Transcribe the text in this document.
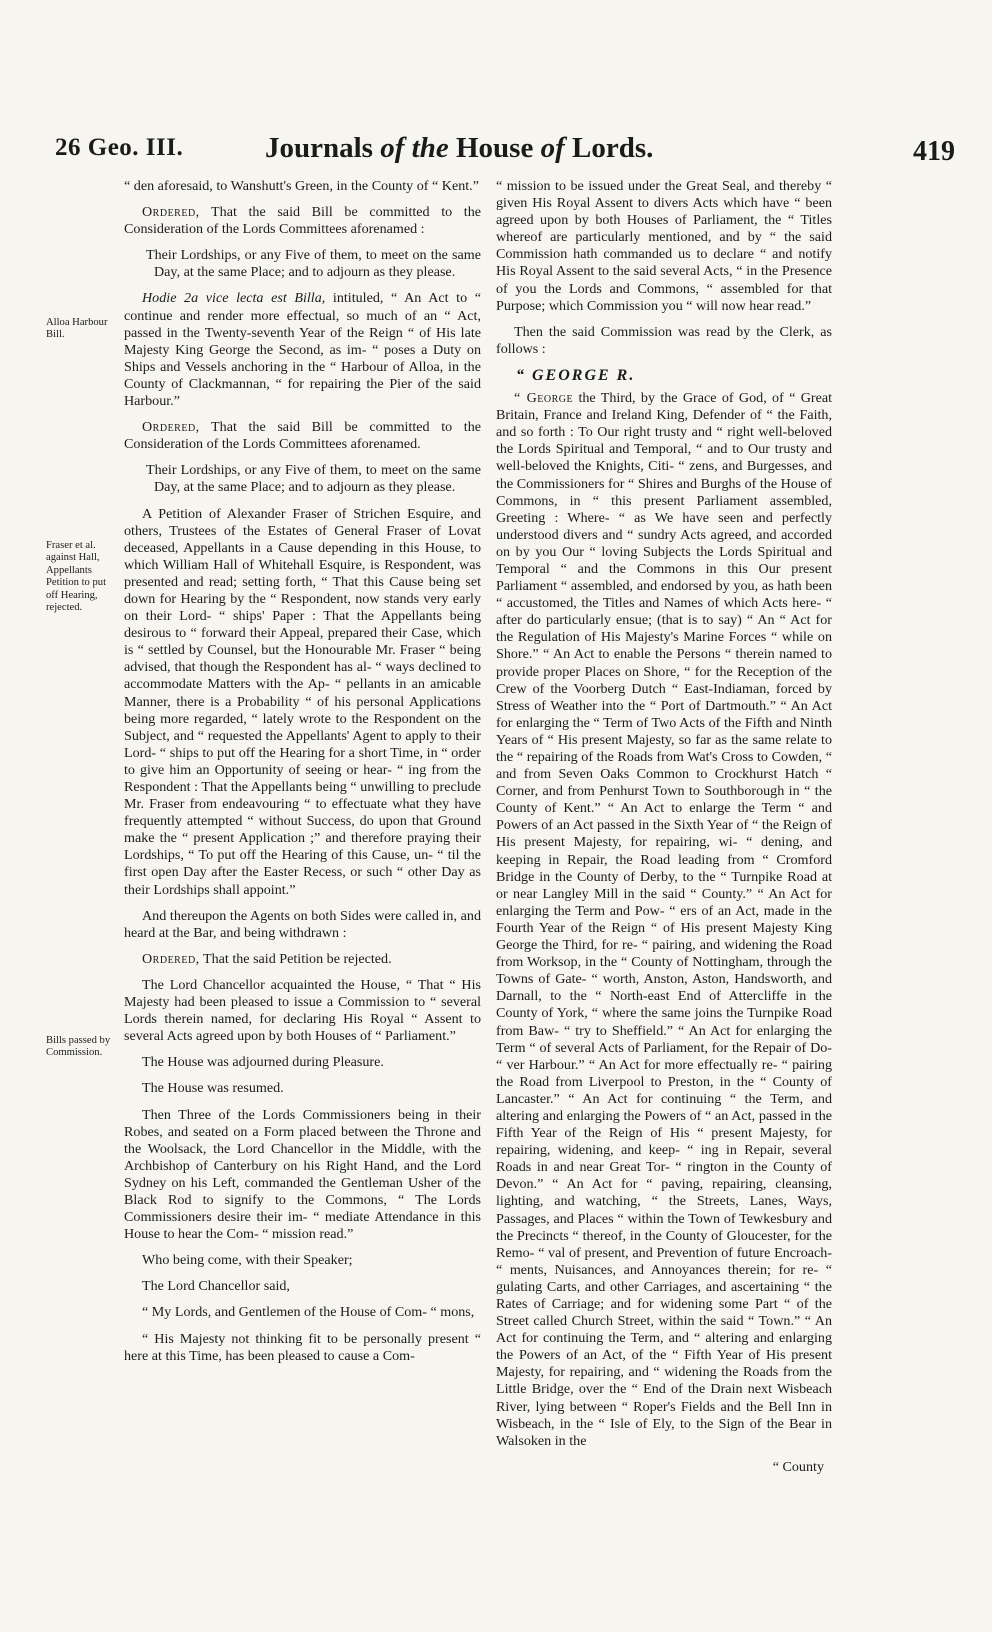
26 Geo. III.	Journals of the House of Lords.	419
Alloa Harbour Bill.
Fraser et al. against Hall, Appellants Petition to put off Hearing, rejected.
Bills passed by Commission.

“ den aforesaid, to Wanshutt's Green, in the County of “ Kent.”

Ordered, That the said Bill be committed to the Consideration of the Lords Committees aforenamed :

Their Lordships, or any Five of them, to meet on the same Day, at the same Place; and to adjourn as they please.

Hodie 2a vice lecta est Billa, intituled, “ An Act to “ continue and render more effectual, so much of an “ Act, passed in the Twenty-seventh Year of the Reign “ of His late Majesty King George the Second, as im- “ poses a Duty on Ships and Vessels anchoring in the “ Harbour of Alloa, in the County of Clackmannan, “ for repairing the Pier of the said Harbour.”

Ordered, That the said Bill be committed to the Consideration of the Lords Committees aforenamed.

Their Lordships, or any Five of them, to meet on the same Day, at the same Place; and to adjourn as they please.

A Petition of Alexander Fraser of Strichen Esquire, and others, Trustees of the Estates of General Fraser of Lovat deceased, Appellants in a Cause depending in this House, to which William Hall of Whitehall Esquire, is Respondent, was presented and read; setting forth, “ That this Cause being set down for Hearing by the “ Respondent, now stands very early on their Lord- “ ships' Paper : That the Appellants being desirous to “ forward their Appeal, prepared their Case, which is “ settled by Counsel, but the Honourable Mr. Fraser “ being advised, that though the Respondent has al- “ ways declined to accommodate Matters with the Ap- “ pellants in an amicable Manner, there is a Probability “ of his personal Applications being more regarded, “ lately wrote to the Respondent on the Subject, and “ requested the Appellants' Agent to apply to their Lord- “ ships to put off the Hearing for a short Time, in “ order to give him an Opportunity of seeing or hear- “ ing from the Respondent : That the Appellants being “ unwilling to preclude Mr. Fraser from endeavouring “ to effectuate what they have frequently attempted “ without Success, do upon that Ground make the “ present Application ;” and therefore praying their Lordships, “ To put off the Hearing of this Cause, un- “ til the first open Day after the Easter Recess, or such “ other Day as their Lordships shall appoint.”

And thereupon the Agents on both Sides were called in, and heard at the Bar, and being withdrawn :

Ordered, That the said Petition be rejected.

The Lord Chancellor acquainted the House, “ That “ His Majesty had been pleased to issue a Commission to “ several Lords therein named, for declaring His Royal “ Assent to several Acts agreed upon by both Houses of “ Parliament.”

The House was adjourned during Pleasure.

The House was resumed.

Then Three of the Lords Commissioners being in their Robes, and seated on a Form placed between the Throne and the Woolsack, the Lord Chancellor in the Middle, with the Archbishop of Canterbury on his Right Hand, and the Lord Sydney on his Left, commanded the Gentleman Usher of the Black Rod to signify to the Commons, “ The Lords Commissioners desire their im- “ mediate Attendance in this House to hear the Com- “ mission read.”

Who being come, with their Speaker;

The Lord Chancellor said,

“ My Lords, and Gentlemen of the House of Com- “ mons,

“ His Majesty not thinking fit to be personally present “ here at this Time, has been pleased to cause a Com-

“ mission to be issued under the Great Seal, and thereby “ given His Royal Assent to divers Acts which have “ been agreed upon by both Houses of Parliament, the “ Titles whereof are particularly mentioned, and by “ the said Commission hath commanded us to declare “ and notify His Royal Assent to the said several Acts, “ in the Presence of you the Lords and Commons, “ assembled for that Purpose; which Commission you “ will now hear read.”

Then the said Commission was read by the Clerk, as follows :

“ GEORGE R.

“ George the Third, by the Grace of God, of “ Great Britain, France and Ireland King, Defender of “ the Faith, and so forth : To Our right trusty and “ right well-beloved the Lords Spiritual and Temporal, “ and to Our trusty and well-beloved the Knights, Citi- “ zens, and Burgesses, and the Commissioners for “ Shires and Burghs of the House of Commons, in “ this present Parliament assembled, Greeting : Where- “ as We have seen and perfectly understood divers and “ sundry Acts agreed, and accorded on by you Our “ loving Subjects the Lords Spiritual and Temporal “ and the Commons in this Our present Parliament “ assembled, and endorsed by you, as hath been “ accustomed, the Titles and Names of which Acts here- “ after do particularly ensue; (that is to say) “ An “ Act for the Regulation of His Majesty's Marine Forces “ while on Shore.” “ An Act to enable the Persons “ therein named to provide proper Places on Shore, “ for the Reception of the Crew of the Voorberg Dutch “ East-Indiaman, forced by Stress of Weather into the “ Port of Dartmouth.” “ An Act for enlarging the “ Term of Two Acts of the Fifth and Ninth Years of “ His present Majesty, so far as the same relate to the “ repairing of the Roads from Wat's Cross to Cowden, “ and from Seven Oaks Common to Crockhurst Hatch “ Corner, and from Penhurst Town to Southborough in “ the County of Kent.” “ An Act to enlarge the Term “ and Powers of an Act passed in the Sixth Year of “ the Reign of His present Majesty, for repairing, wi- “ dening, and keeping in Repair, the Road leading from “ Cromford Bridge in the County of Derby, to the “ Turnpike Road at or near Langley Mill in the said “ County.” “ An Act for enlarging the Term and Pow- “ ers of an Act, made in the Fourth Year of the Reign “ of His present Majesty King George the Third, for re- “ pairing, and widening the Road from Worksop, in the “ County of Nottingham, through the Towns of Gate- “ worth, Anston, Aston, Handsworth, and Darnall, to the “ North-east End of Attercliffe in the County of York, “ where the same joins the Turnpike Road from Baw- “ try to Sheffield.” “ An Act for enlarging the Term “ of several Acts of Parliament, for the Repair of Do- “ ver Harbour.” “ An Act for more effectually re- “ pairing the Road from Liverpool to Preston, in the “ County of Lancaster.” “ An Act for continuing “ the Term, and altering and enlarging the Powers of “ an Act, passed in the Fifth Year of the Reign of His “ present Majesty, for repairing, widening, and keep- “ ing in Repair, several Roads in and near Great Tor- “ rington in the County of Devon.” “ An Act for “ paving, repairing, cleansing, lighting, and watching, “ the Streets, Lanes, Ways, Passages, and Places “ within the Town of Tewkesbury and the Precincts “ thereof, in the County of Gloucester, for the Remo- “ val of present, and Prevention of future Encroach- “ ments, Nuisances, and Annoyances therein; for re- “ gulating Carts, and other Carriages, and ascertaining “ the Rates of Carriage; and for widening some Part “ of the Street called Church Street, within the said “ Town.” “ An Act for continuing the Term, and “ altering and enlarging the Powers of an Act, of the “ Fifth Year of His present Majesty, for repairing, and “ widening the Roads from the Little Bridge, over the “ End of the Drain next Wisbeach River, lying between “ Roper's Fields and the Bell Inn in Wisbeach, in the “ Isle of Ely, to the Sign of the Bear in Walsoken in the

“ County
